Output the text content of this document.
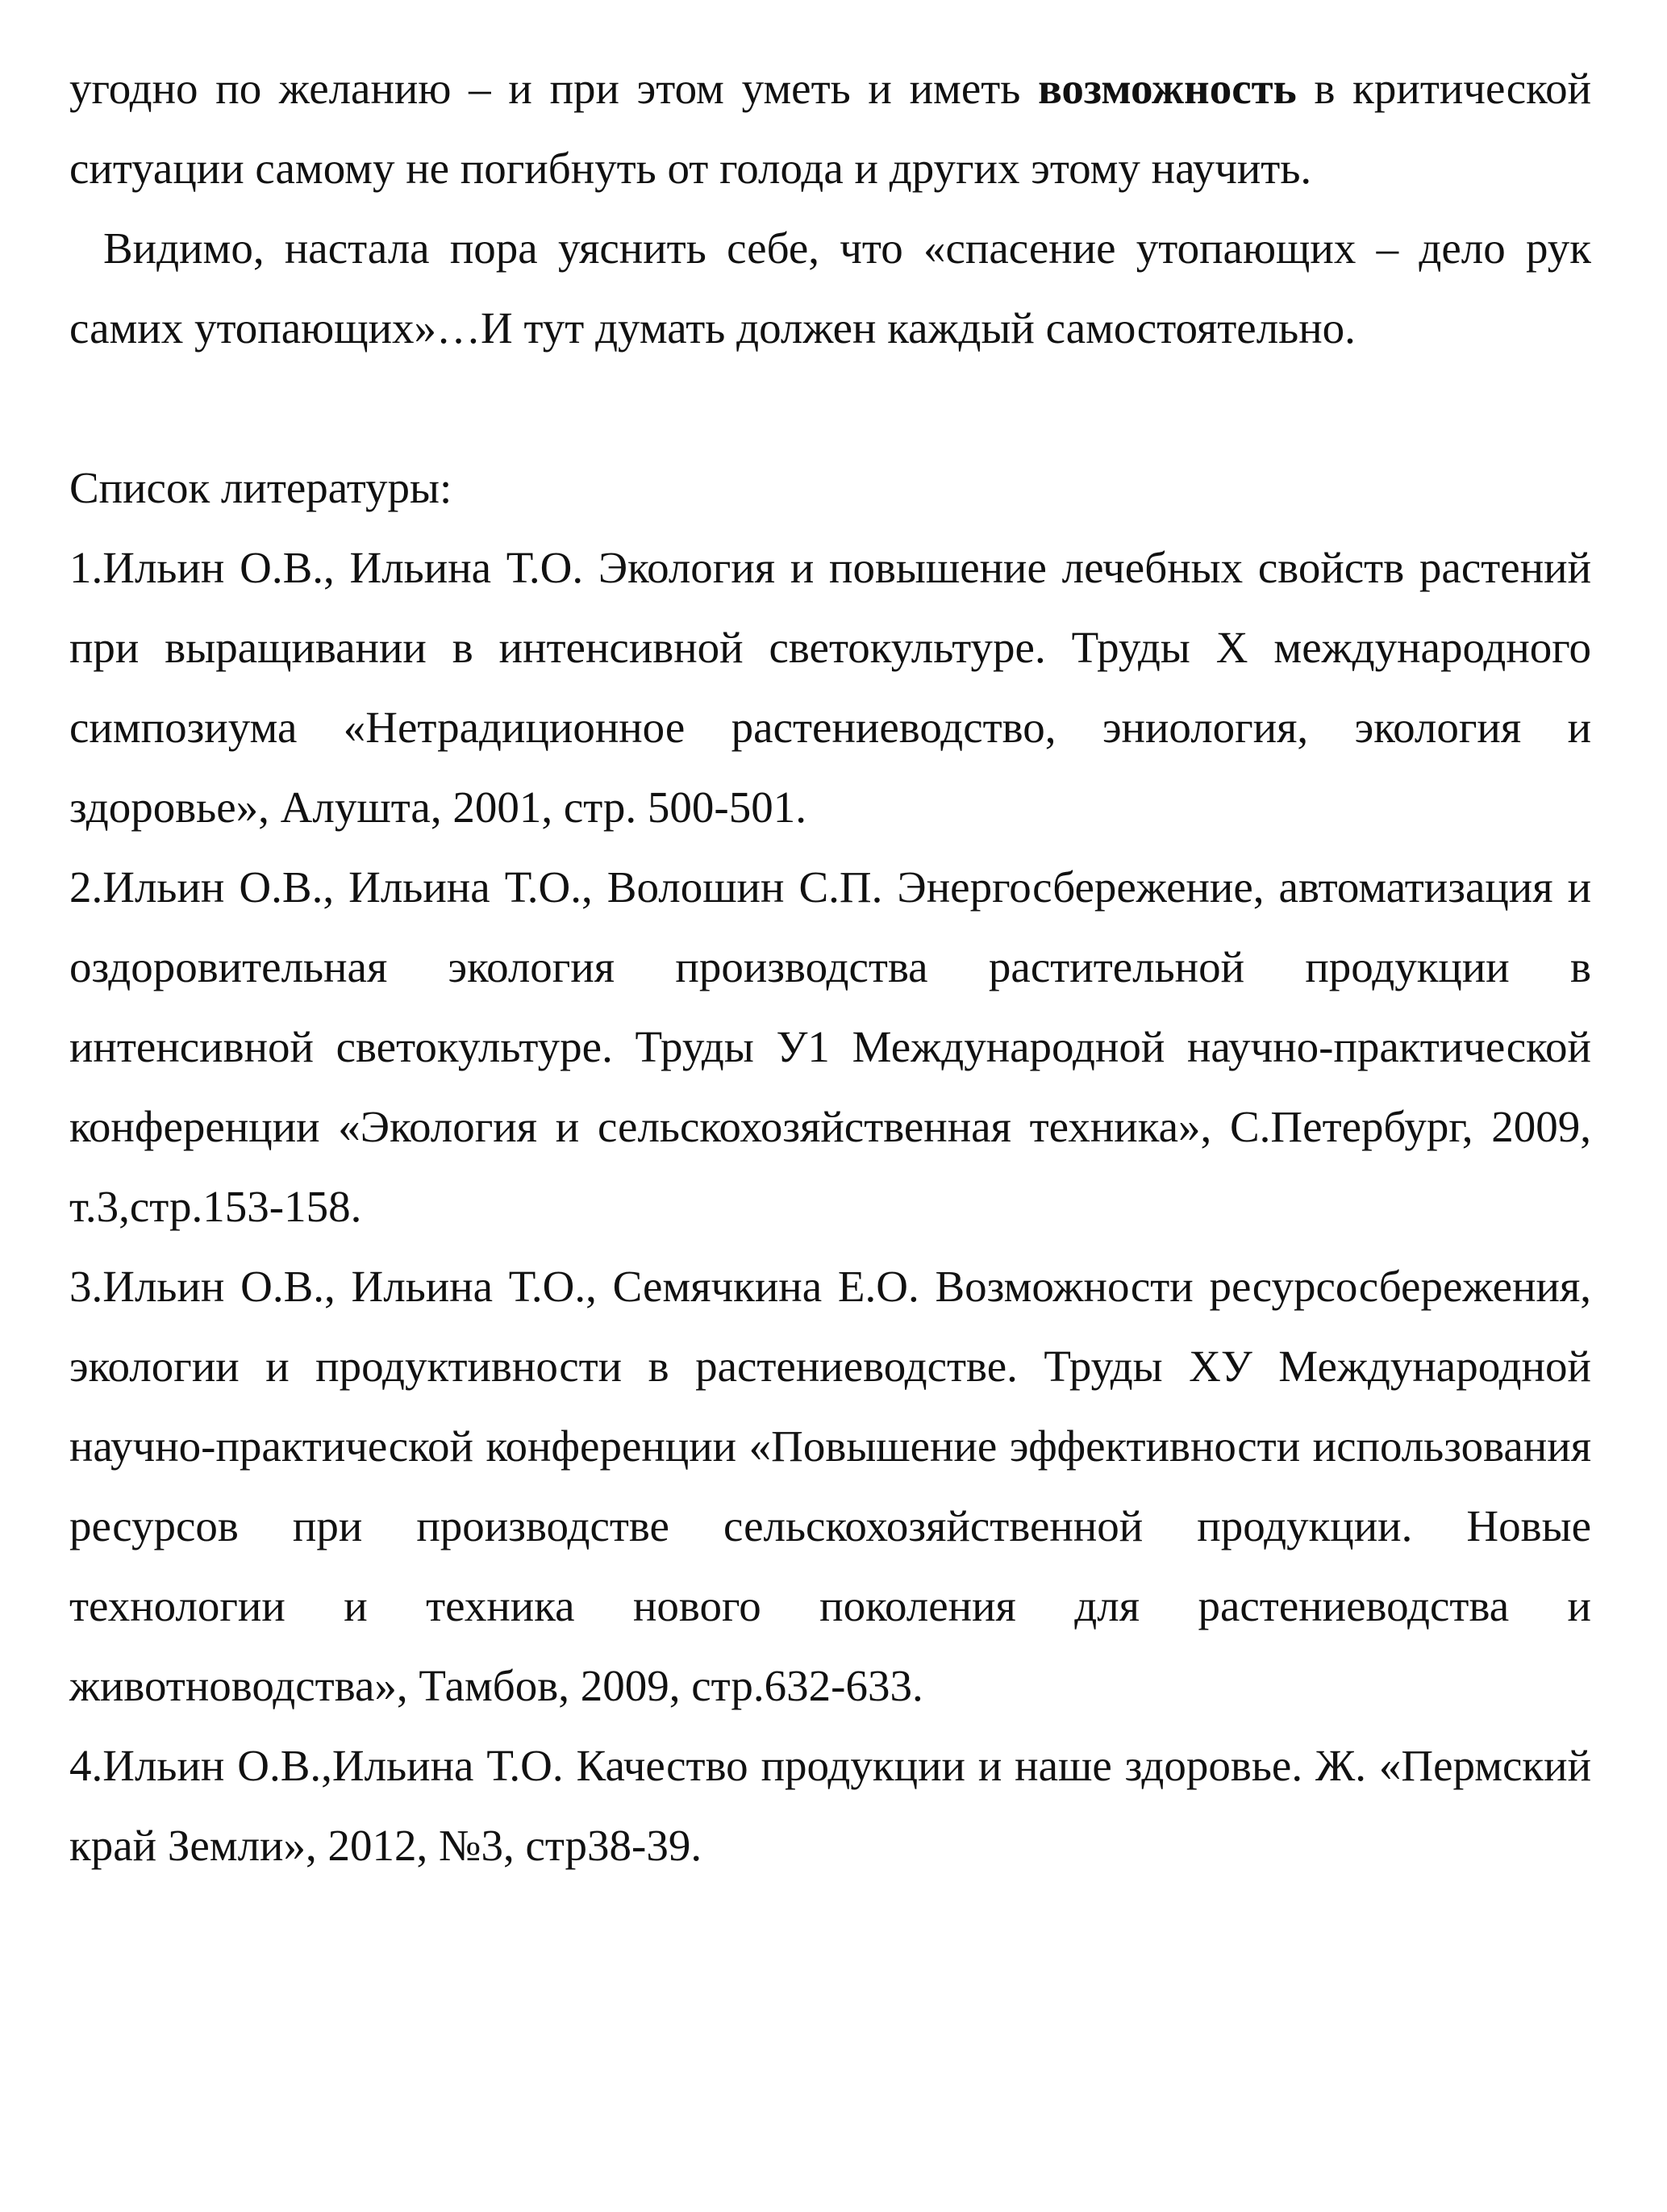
угодно по желанию – и при этом уметь и иметь возможность в критической ситуации самому не погибнуть от голода и других этому научить.

Видимо, настала пора уяснить себе, что «спасение утопающих – дело рук самих утопающих»…И тут думать должен каждый самостоятельно.

Список литературы:

1.Ильин О.В., Ильина Т.О. Экология и повышение лечебных свойств растений при выращивании в интенсивной светокультуре. Труды X международного симпозиума «Нетрадиционное растениеводство, эниология, экология и здоровье», Алушта, 2001, стр. 500-501.

2.Ильин О.В., Ильина Т.О., Волошин С.П. Энергосбережение, автоматизация и оздоровительная экология производства растительной продукции в интенсивной светокультуре. Труды У1 Международной научно-практической конференции «Экология и сельскохозяйственная техника», С.Петербург, 2009, т.3,стр.153-158.

3.Ильин О.В., Ильина Т.О., Семячкина Е.О. Возможности ресурсосбережения, экологии и продуктивности в растениеводстве. Труды ХУ Международной научно-практической конференции «Повышение эффективности использования ресурсов при производстве сельскохозяйственной продукции. Новые технологии и техника нового поколения для растениеводства и животноводства», Тамбов, 2009, стр.632-633.

4.Ильин О.В.,Ильина Т.О. Качество продукции и наше здоровье. Ж. «Пермский край Земли», 2012, №3, стр38-39.
